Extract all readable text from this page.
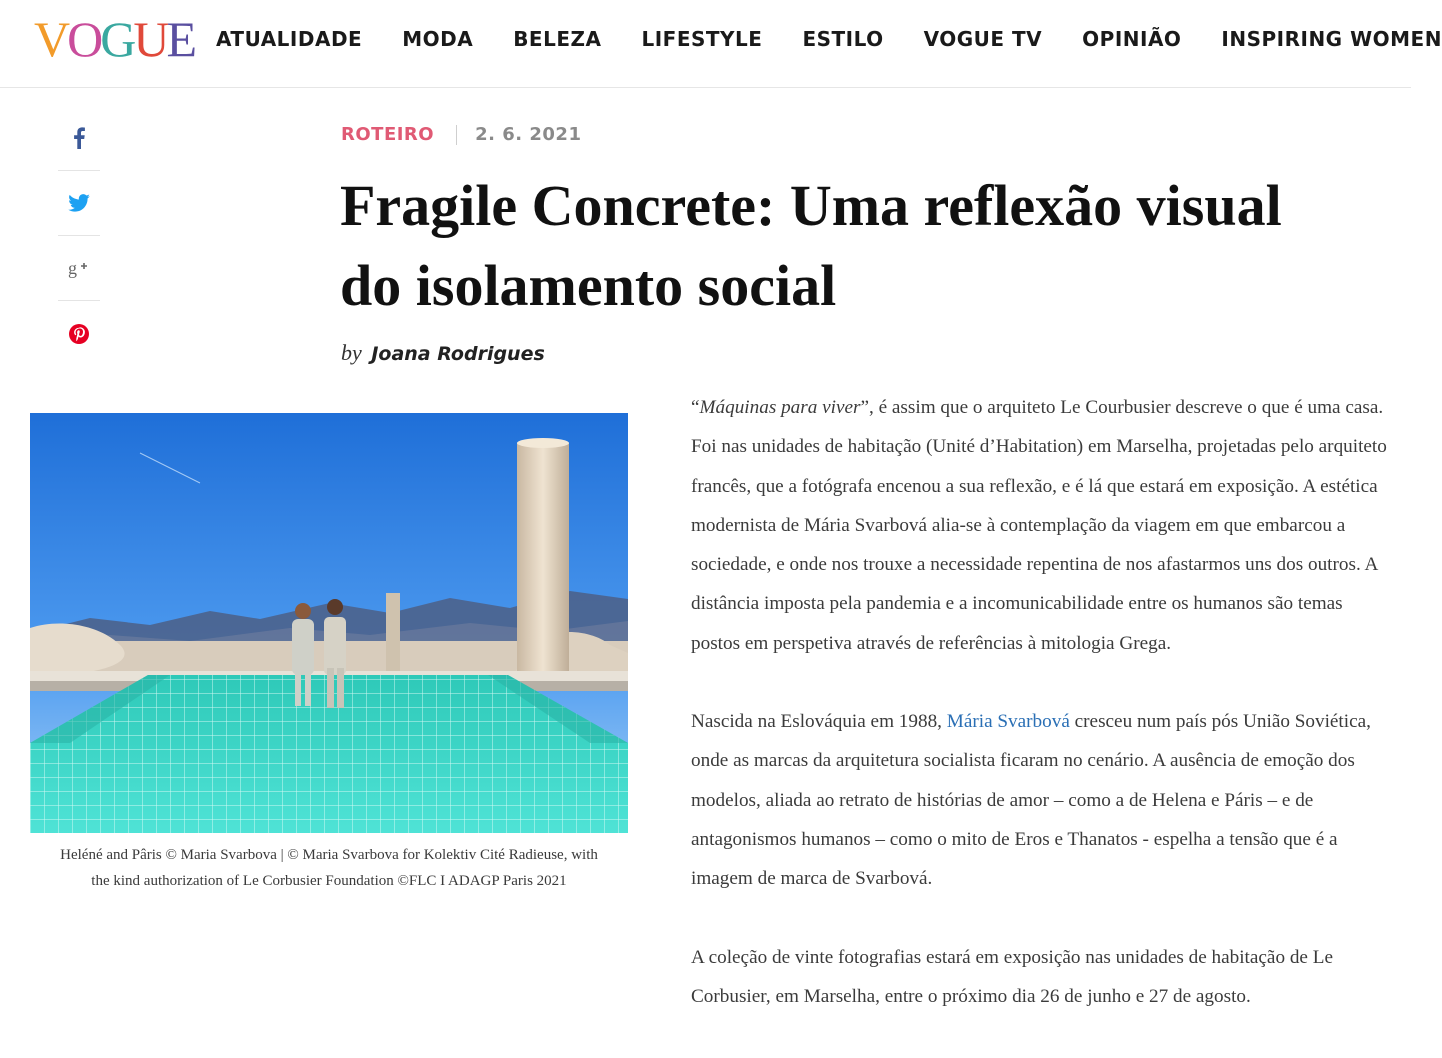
VOGUE ATUALIDADE MODA BELEZA LIFESTYLE ESTILO VOGUE TV OPINIÃO INSPIRING WOMEN
g
ROTEIRO 2. 6. 2021
Fragile Concrete: Uma reflexão visual
do isolamento social
by Joana Rodrigues
Heléné and Pâris © Maria Svarbova | © Maria Svarbova for Kolektiv Cité Radieuse, with
the kind authorization of Le Corbusier Foundation ©FLC I ADAGP Paris 2021

“Máquinas para viver”, é assim que o arquiteto Le Courbusier descreve o que é uma casa.
Foi nas unidades de habitação (Unité d’Habitation) em Marselha, projetadas pelo arquiteto
francês, que a fotógrafa encenou a sua reflexão, e é lá que estará em exposição. A estética
modernista de Mária Svarbová alia-se à contemplação da viagem em que embarcou a
sociedade, e onde nos trouxe a necessidade repentina de nos afastarmos uns dos outros. A
distância imposta pela pandemia e a incomunicabilidade entre os humanos são temas
postos em perspetiva através de referências à mitologia Grega.

Nascida na Eslováquia em 1988, Mária Svarbová cresceu num país pós União Soviética,
onde as marcas da arquitetura socialista ficaram no cenário. A ausência de emoção dos
modelos, aliada ao retrato de histórias de amor – como a de Helena e Páris – e de
antagonismos humanos – como o mito de Eros e Thanatos - espelha a tensão que é a
imagem de marca de Svarbová.

A coleção de vinte fotografias estará em exposição nas unidades de habitação de Le
Corbusier, em Marselha, entre o próximo dia 26 de junho e 27 de agosto.
